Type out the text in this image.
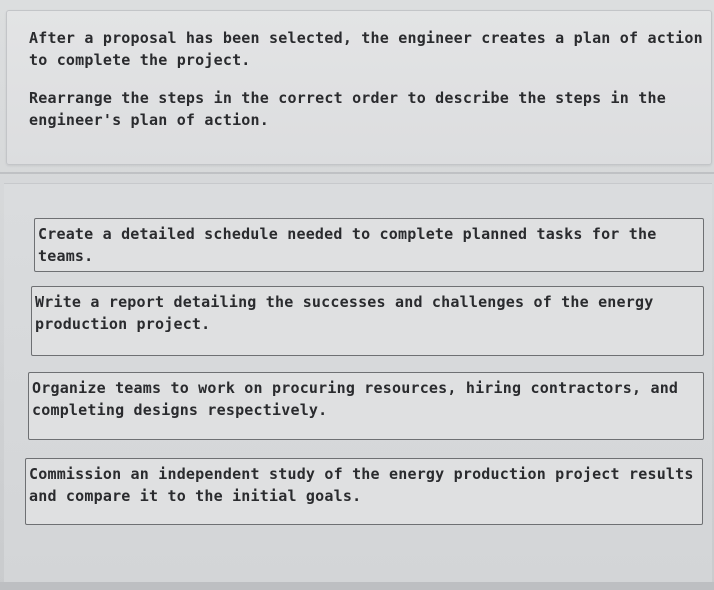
After a proposal has been selected, the engineer creates a plan of action to complete the project.

Rearrange the steps in the correct order to describe the steps in the engineer's plan of action.

Create a detailed schedule needed to complete planned tasks for the teams.
Write a report detailing the successes and challenges of the energy production project.
Organize teams to work on procuring resources, hiring contractors, and completing designs respectively.
Commission an independent study of the energy production project results and compare it to the initial goals.
